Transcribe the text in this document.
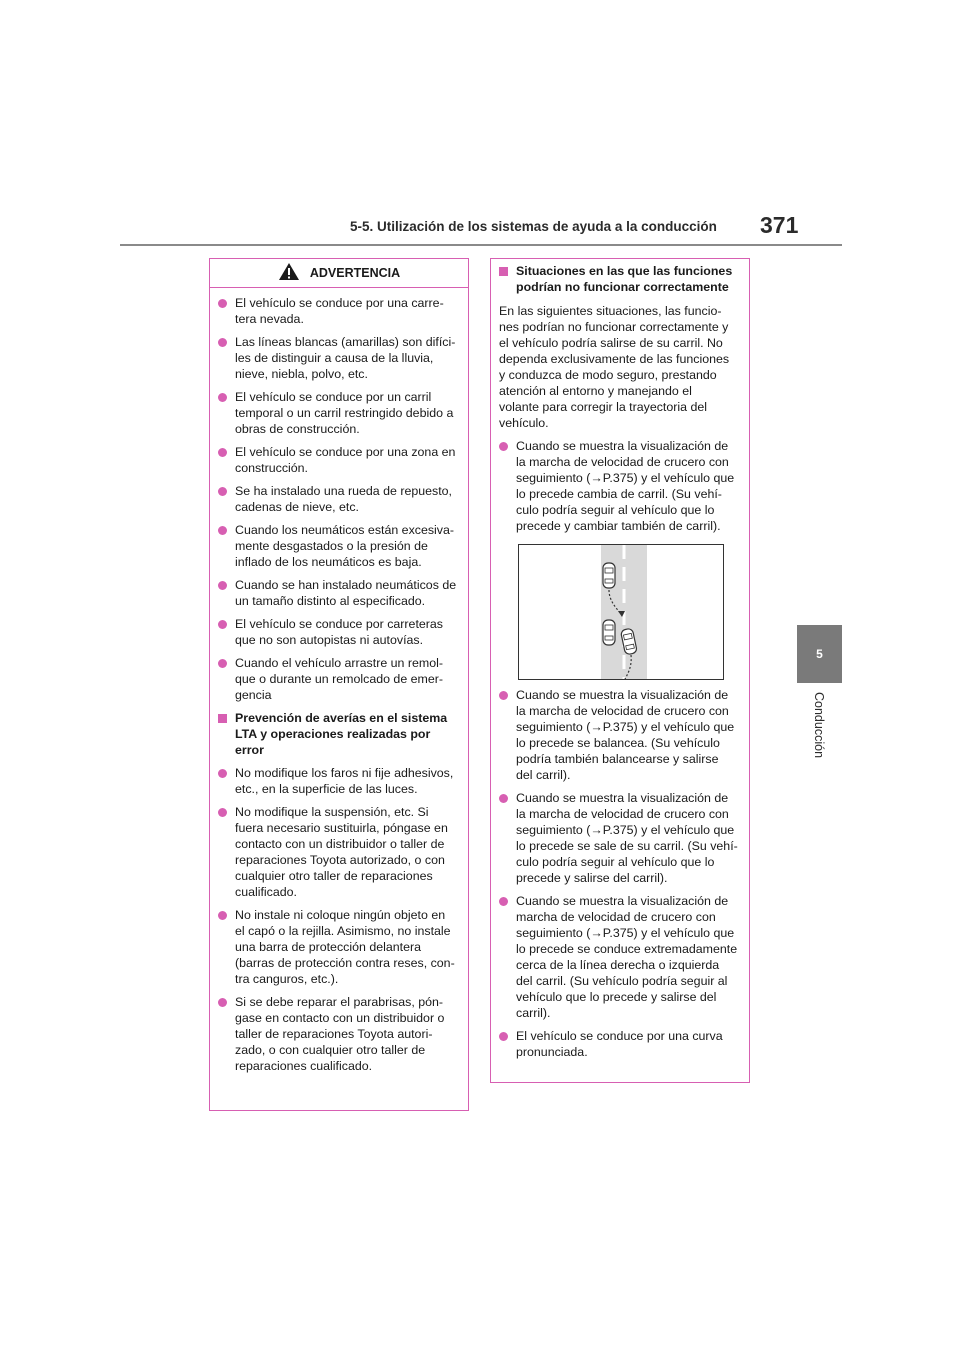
5-5. Utilización de los sistemas de ayuda a la conducción 371
5
Conducción
ADVERTENCIA
El vehículo se conduce por una carre-
tera nevada.
Las líneas blancas (amarillas) son difíci-
les de distinguir a causa de la lluvia,
nieve, niebla, polvo, etc.
El vehículo se conduce por un carril
temporal o un carril restringido debido a
obras de construcción.
El vehículo se conduce por una zona en
construcción.
Se ha instalado una rueda de repuesto,
cadenas de nieve, etc.
Cuando los neumáticos están excesiva-
mente desgastados o la presión de
inflado de los neumáticos es baja.
Cuando se han instalado neumáticos de
un tamaño distinto al especificado.
El vehículo se conduce por carreteras
que no son autopistas ni autovías.
Cuando el vehículo arrastre un remol-
que o durante un remolcado de emer-
gencia
Prevención de averías en el sistema
LTA y operaciones realizadas por
error
No modifique los faros ni fije adhesivos,
etc., en la superficie de las luces.
No modifique la suspensión, etc. Si
fuera necesario sustituirla, póngase en
contacto con un distribuidor o taller de
reparaciones Toyota autorizado, o con
cualquier otro taller de reparaciones
cualificado.
No instale ni coloque ningún objeto en
el capó o la rejilla. Asimismo, no instale
una barra de protección delantera
(barras de protección contra reses, con-
tra canguros, etc.).
Si se debe reparar el parabrisas, pón-
gase en contacto con un distribuidor o
taller de reparaciones Toyota autori-
zado, o con cualquier otro taller de
reparaciones cualificado.
Situaciones en las que las funciones
podrían no funcionar correctamente
En las siguientes situaciones, las funcio-
nes podrían no funcionar correctamente y
el vehículo podría salirse de su carril. No
dependa exclusivamente de las funciones
y conduzca de modo seguro, prestando
atención al entorno y manejando el
volante para corregir la trayectoria del
vehículo.
Cuando se muestra la visualización de
la marcha de velocidad de crucero con
seguimiento (→P.375) y el vehículo que
lo precede cambia de carril. (Su vehí-
culo podría seguir al vehículo que lo
precede y cambiar también de carril).
Cuando se muestra la visualización de
la marcha de velocidad de crucero con
seguimiento (→P.375) y el vehículo que
lo precede se balancea. (Su vehículo
podría también balancearse y salirse
del carril).
Cuando se muestra la visualización de
la marcha de velocidad de crucero con
seguimiento (→P.375) y el vehículo que
lo precede se sale de su carril. (Su vehí-
culo podría seguir al vehículo que lo
precede y salirse del carril).
Cuando se muestra la visualización de
marcha de velocidad de crucero con
seguimiento (→P.375) y el vehículo que
lo precede se conduce extremadamente
cerca de la línea derecha o izquierda
del carril. (Su vehículo podría seguir al
vehículo que lo precede y salirse del
carril).
El vehículo se conduce por una curva
pronunciada.
